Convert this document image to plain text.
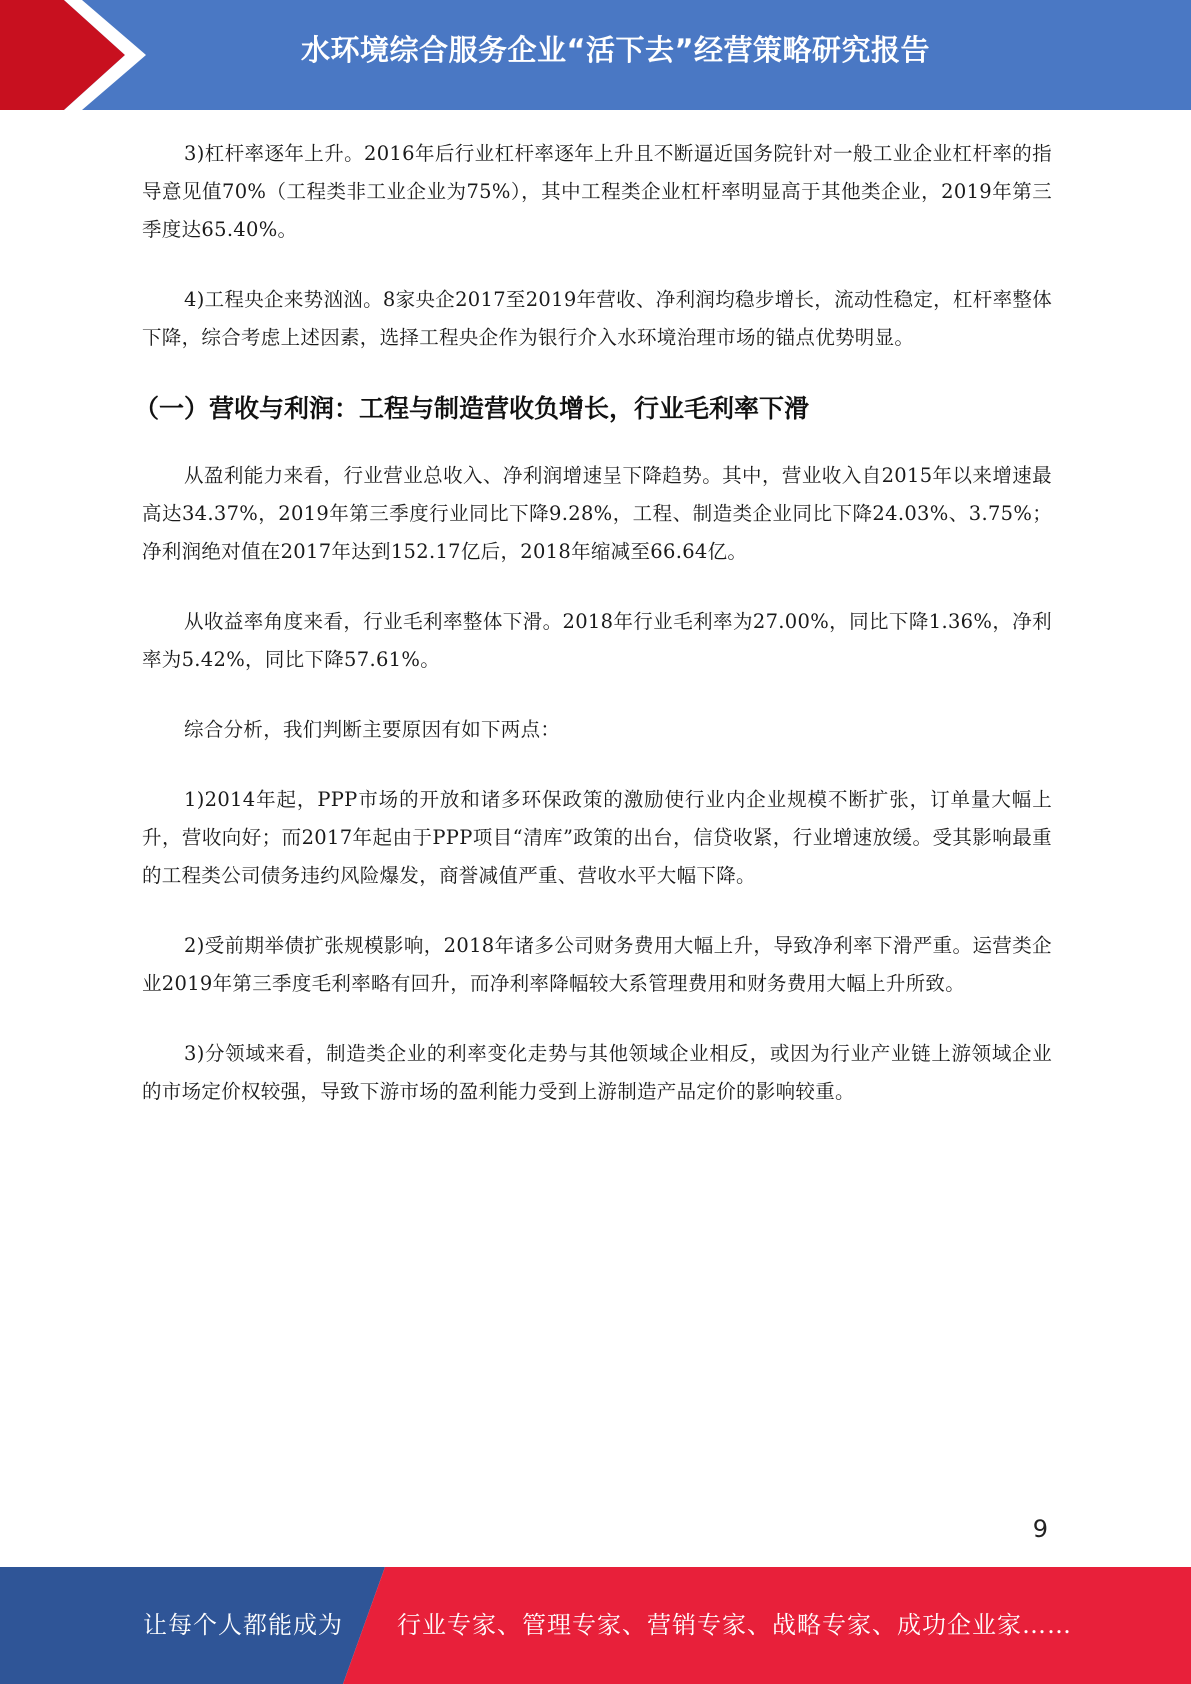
水环境综合服务企业“活下去”经营策略研究报告

3)杠杆率逐年上升。2016年后行业杠杆率逐年上升且不断逼近国务院针对一般工业企业杠杆率的指导意见值70%（工程类非工业企业为75%），其中工程类企业杠杆率明显高于其他类企业，2019年第三季度达65.40%。

4)工程央企来势汹汹。8家央企2017至2019年营收、净利润均稳步增长，流动性稳定，杠杆率整体下降，综合考虑上述因素，选择工程央企作为银行介入水环境治理市场的锚点优势明显。

（一）营收与利润：工程与制造营收负增长，行业毛利率下滑

从盈利能力来看，行业营业总收入、净利润增速呈下降趋势。其中，营业收入自2015年以来增速最高达34.37%，2019年第三季度行业同比下降9.28%，工程、制造类企业同比下降24.03%、3.75%；净利润绝对值在2017年达到152.17亿后，2018年缩减至66.64亿。

从收益率角度来看，行业毛利率整体下滑。2018年行业毛利率为27.00%，同比下降1.36%，净利率为5.42%，同比下降57.61%。

综合分析，我们判断主要原因有如下两点：

1)2014年起，PPP市场的开放和诸多环保政策的激励使行业内企业规模不断扩张，订单量大幅上升，营收向好；而2017年起由于PPP项目“清库”政策的出台，信贷收紧，行业增速放缓。受其影响最重的工程类公司债务违约风险爆发，商誉减值严重、营收水平大幅下降。

2)受前期举债扩张规模影响，2018年诸多公司财务费用大幅上升，导致净利率下滑严重。运营类企业2019年第三季度毛利率略有回升，而净利率降幅较大系管理费用和财务费用大幅上升所致。

3)分领域来看，制造类企业的利率变化走势与其他领域企业相反，或因为行业产业链上游领域企业的市场定价权较强，导致下游市场的盈利能力受到上游制造产品定价的影响较重。

9
让每个人都能成为 行业专家、管理专家、营销专家、战略专家、成功企业家……
